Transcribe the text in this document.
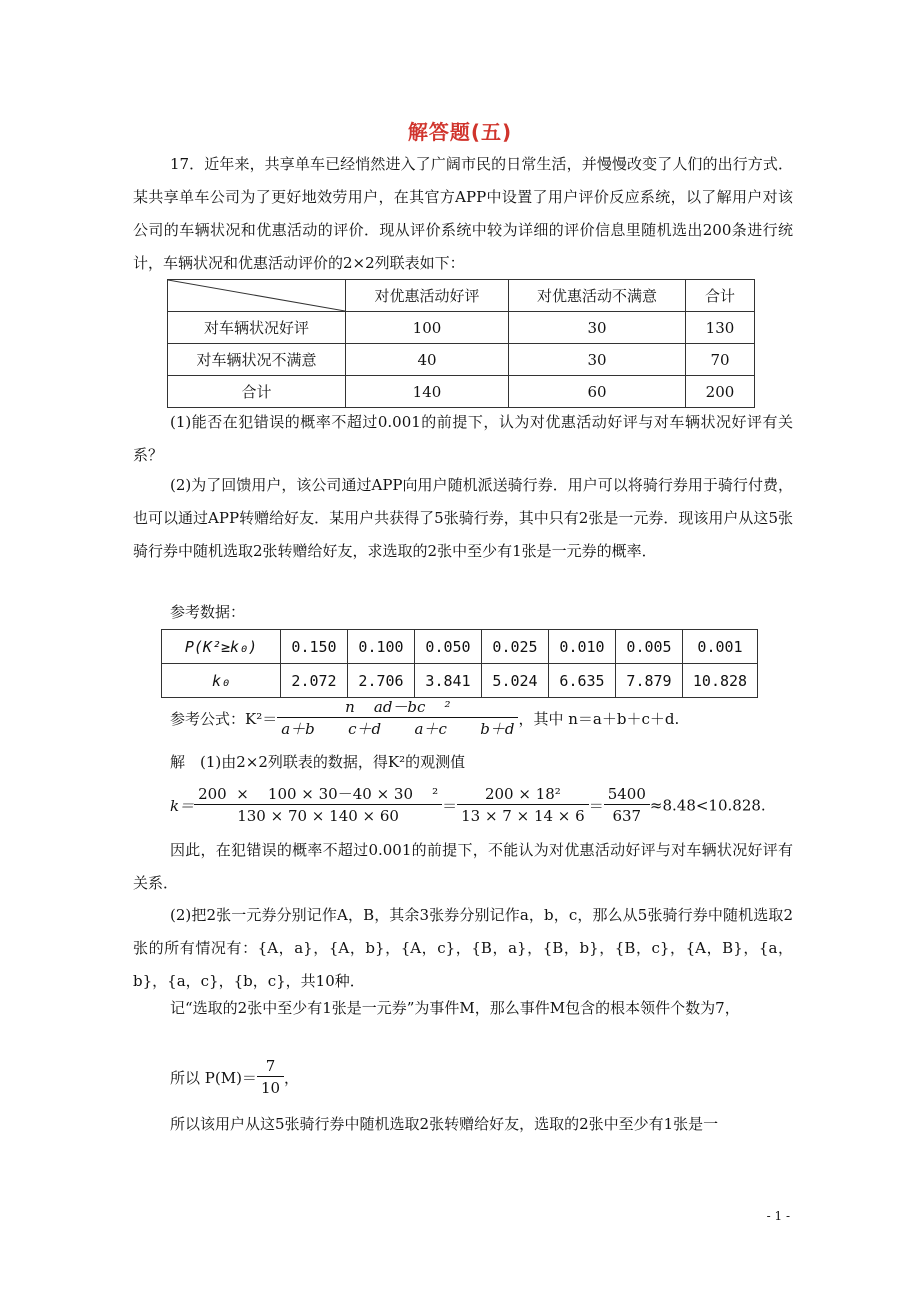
解答题(五)

17．近年来，共享单车已经悄然进入了广阔市民的日常生活，并慢慢改变了人们的出行方式．某共享单车公司为了更好地效劳用户，在其官方APP中设置了用户评价反应系统，以了解用户对该公司的车辆状况和优惠活动的评价．现从评价系统中较为详细的评价信息里随机选出200条进行统计，车辆状况和优惠活动评价的2×2列联表如下：

	对优惠活动好评	对优惠活动不满意	合计
对车辆状况好评	100	30	130
对车辆状况不满意	40	30	70
合计	140	60	200

(1)能否在犯错误的概率不超过0.001的前提下，认为对优惠活动好评与对车辆状况好评有关系？

(2)为了回馈用户，该公司通过APP向用户随机派送骑行券．用户可以将骑行券用于骑行付费，也可以通过APP转赠给好友．某用户共获得了5张骑行券，其中只有2张是一元券．现该用户从这5张骑行券中随机选取2张转赠给好友，求选取的2张中至少有1张是一元券的概率．

参考数据：

P(K²≥k₀)	0.150	0.100	0.050	0.025	0.010	0.005	0.001
k₀	2.072	2.706	3.841	5.024	6.635	7.879	10.828
参考公式：$K^2= \frac{\text{n    ad－bc    ²}}{\text{a＋b       c＋d       a＋c       b＋d}}$ ，其中 n＝a＋b＋c＋d.

解　(1)由2×2列联表的数据，得K²的观测值

$k= \frac{\text{200  ×    100 × 30－40 × 30    ²}}{130 \times 70 \times 140 \times 60} = \frac{\text{200 × 18²}}{13 \times 7 \times 14 \times 6} = \frac{5400}{637} \approx 8.48<10.828$.

因此，在犯错误的概率不超过0.001的前提下，不能认为对优惠活动好评与对车辆状况好评有关系．

(2)把2张一元券分别记作A，B，其余3张券分别记作a，b，c，那么从5张骑行券中随机选取2张的所有情况有：{A，a}，{A，b}，{A，c}，{B，a}，{B，b}，{B，c}，{A，B}，{a，b}，{a，c}，{b，c}，共10种．

记“选取的2张中至少有1张是一元券”为事件M，那么事件M包含的根本领件个数为7，

所以 $P(M)= \frac{7}{10}$ ，

所以该用户从这5张骑行券中随机选取2张转赠给好友，选取的2张中至少有1张是一

- 1 -
